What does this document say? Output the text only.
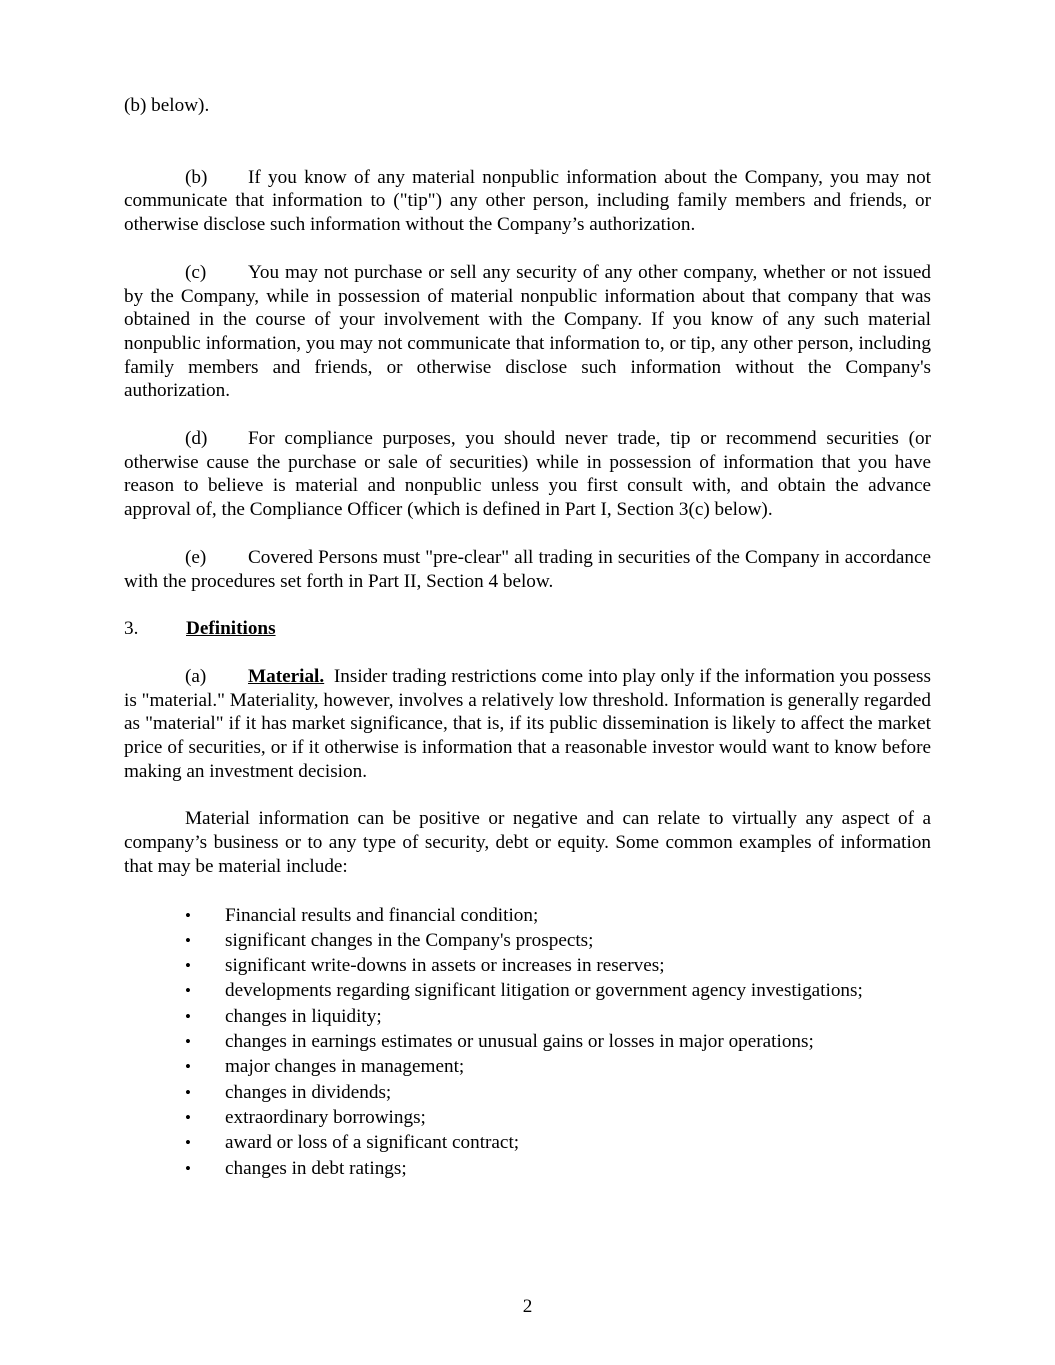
(b) below).

(b) If you know of any material nonpublic information about the Company, you may not communicate that information to ("tip") any other person, including family members and friends, or otherwise disclose such information without the Company’s authorization.

(c) You may not purchase or sell any security of any other company, whether or not issued by the Company, while in possession of material nonpublic information about that company that was obtained in the course of your involvement with the Company. If you know of any such material nonpublic information, you may not communicate that information to, or tip, any other person, including family members and friends, or otherwise disclose such information without the Company's authorization.

(d) For compliance purposes, you should never trade, tip or recommend securities (or otherwise cause the purchase or sale of securities) while in possession of information that you have reason to believe is material and nonpublic unless you first consult with, and obtain the advance approval of, the Compliance Officer (which is defined in Part I, Section 3(c) below).

(e) Covered Persons must "pre-clear" all trading in securities of the Company in accordance with the procedures set forth in Part II, Section 4 below.

3.	Definitions

(a) Material. Insider trading restrictions come into play only if the information you possess is "material." Materiality, however, involves a relatively low threshold. Information is generally regarded as "material" if it has market significance, that is, if its public dissemination is likely to affect the market price of securities, or if it otherwise is information that a reasonable investor would want to know before making an investment decision.

Material information can be positive or negative and can relate to virtually any aspect of a company’s business or to any type of security, debt or equity. Some common examples of information that may be material include:

•	Financial results and financial condition;
•	significant changes in the Company's prospects;
•	significant write-downs in assets or increases in reserves;
•	developments regarding significant litigation or government agency investigations;
•	changes in liquidity;
•	changes in earnings estimates or unusual gains or losses in major operations;
•	major changes in management;
•	changes in dividends;
•	extraordinary borrowings;
•	award or loss of a significant contract;
•	changes in debt ratings;
2
